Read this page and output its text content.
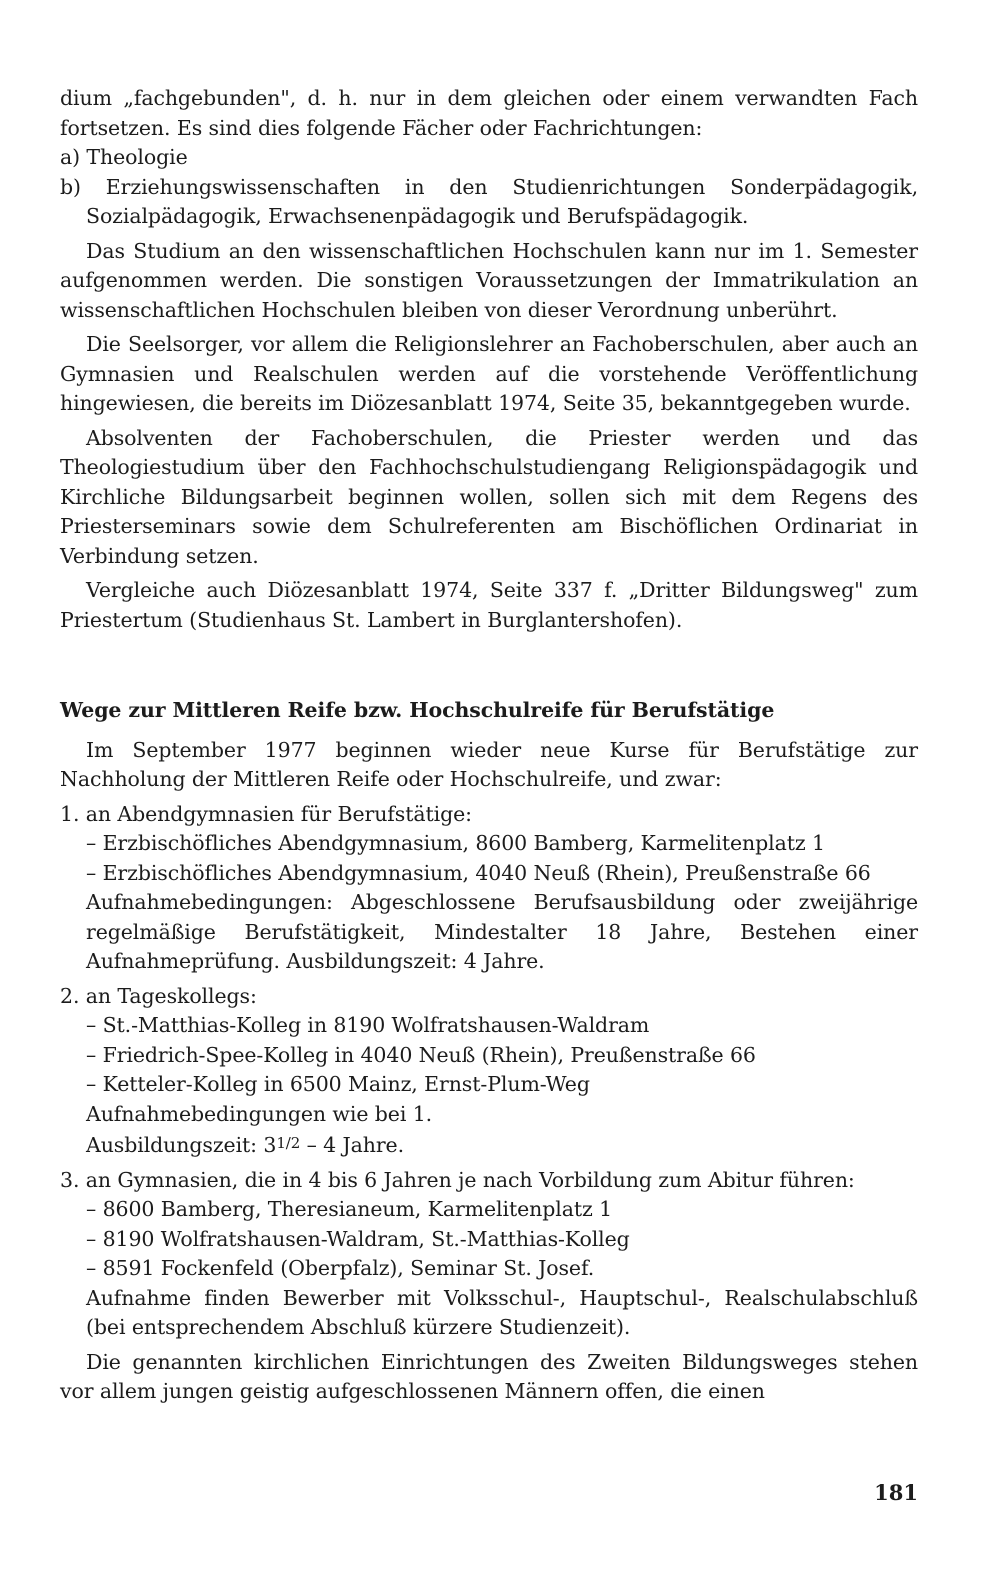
dium „fachgebunden", d. h. nur in dem gleichen oder einem verwandten Fach fortsetzen. Es sind dies folgende Fächer oder Fachrichtungen:

a) Theologie

b) Erziehungswissenschaften in den Studienrichtungen Sonderpädagogik, Sozialpädagogik, Erwachsenenpädagogik und Berufspädagogik.

Das Studium an den wissenschaftlichen Hochschulen kann nur im 1. Semester aufgenommen werden. Die sonstigen Voraussetzungen der Immatrikulation an wissenschaftlichen Hochschulen bleiben von dieser Verordnung unberührt.

Die Seelsorger, vor allem die Religionslehrer an Fachoberschulen, aber auch an Gymnasien und Realschulen werden auf die vorstehende Veröffentlichung hingewiesen, die bereits im Diözesanblatt 1974, Seite 35, bekanntgegeben wurde.

Absolventen der Fachoberschulen, die Priester werden und das Theologiestudium über den Fachhochschulstudiengang Religionspädagogik und Kirchliche Bildungsarbeit beginnen wollen, sollen sich mit dem Regens des Priesterseminars sowie dem Schulreferenten am Bischöflichen Ordinariat in Verbindung setzen.

Vergleiche auch Diözesanblatt 1974, Seite 337 f. „Dritter Bildungsweg" zum Priestertum (Studienhaus St. Lambert in Burglantershofen).

Wege zur Mittleren Reife bzw. Hochschulreife für Berufstätige

Im September 1977 beginnen wieder neue Kurse für Berufstätige zur Nachholung der Mittleren Reife oder Hochschulreife, und zwar:

1. an Abendgymnasien für Berufstätige:

– Erzbischöfliches Abendgymnasium, 8600 Bamberg, Karmelitenplatz 1

– Erzbischöfliches Abendgymnasium, 4040 Neuß (Rhein), Preußenstraße 66

Aufnahmebedingungen: Abgeschlossene Berufsausbildung oder zweijährige regelmäßige Berufstätigkeit, Mindestalter 18 Jahre, Bestehen einer Aufnahmeprüfung. Ausbildungszeit: 4 Jahre.

2. an Tageskollegs:

– St.-Matthias-Kolleg in 8190 Wolfratshausen-Waldram

– Friedrich-Spee-Kolleg in 4040 Neuß (Rhein), Preußenstraße 66

– Ketteler-Kolleg in 6500 Mainz, Ernst-Plum-Weg

Aufnahmebedingungen wie bei 1.

Ausbildungszeit: 31/2 – 4 Jahre.

3. an Gymnasien, die in 4 bis 6 Jahren je nach Vorbildung zum Abitur führen:

– 8600 Bamberg, Theresianeum, Karmelitenplatz 1

– 8190 Wolfratshausen-Waldram, St.-Matthias-Kolleg

– 8591 Fockenfeld (Oberpfalz), Seminar St. Josef.

Aufnahme finden Bewerber mit Volksschul-, Hauptschul-, Realschulabschluß (bei entsprechendem Abschluß kürzere Studienzeit).

Die genannten kirchlichen Einrichtungen des Zweiten Bildungsweges stehen vor allem jungen geistig aufgeschlossenen Männern offen, die einen

181
